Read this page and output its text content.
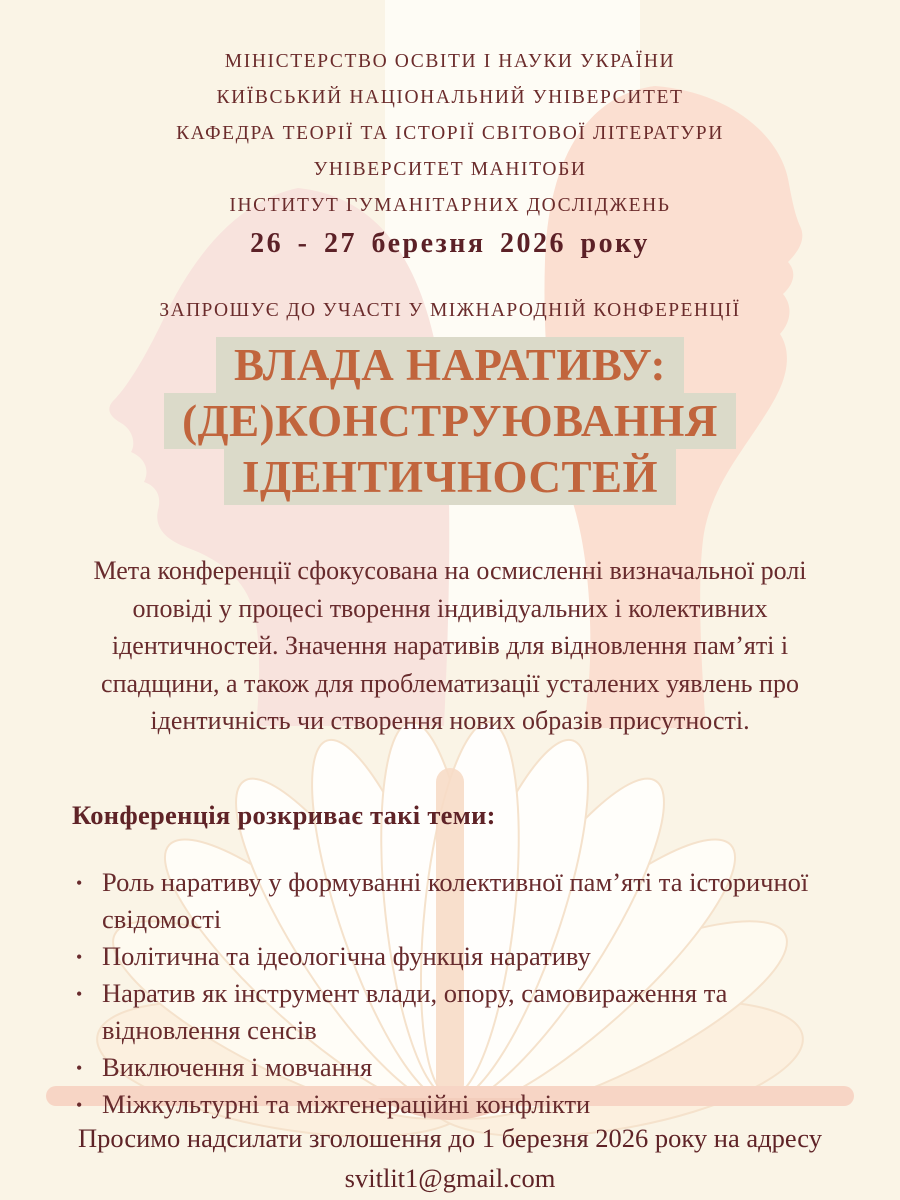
МІНІСТЕРСТВО ОСВІТИ І НАУКИ УКРАЇНИ
КИЇВСЬКИЙ НАЦІОНАЛЬНИЙ УНІВЕРСИТЕТ
КАФЕДРА ТЕОРІЇ ТА ІСТОРІЇ СВІТОВОЇ ЛІТЕРАТУРИ
УНІВЕРСИТЕТ МАНІТОБИ
ІНСТИТУТ ГУМАНІТАРНИХ ДОСЛІДЖЕНЬ
26 - 27 березня 2026 року
ЗАПРОШУЄ ДО УЧАСТІ У МІЖНАРОДНІЙ КОНФЕРЕНЦІЇ
ВЛАДА НАРАТИВУ:
(ДЕ)КОНСТРУЮВАННЯ
ІДЕНТИЧНОСТЕЙ
Мета конференції сфокусована на осмисленні визначальної ролі оповіді у процесі творення індивідуальних і колективних ідентичностей. Значення наративів для відновлення пам’яті і спадщини, а також для проблематизації усталених уявлень про ідентичність чи створення нових образів присутності.
Конференція розкриває такі теми:
• Роль наративу у формуванні колективної пам’яті та історичної свідомості
• Політична та ідеологічна функція наративу
• Наратив як інструмент влади, опору, самовираження та відновлення сенсів
• Виключення і мовчання
• Міжкультурні та міжгенераційні конфлікти
Просимо надсилати зголошення до 1 березня 2026 року на адресу svitlit1@gmail.com
